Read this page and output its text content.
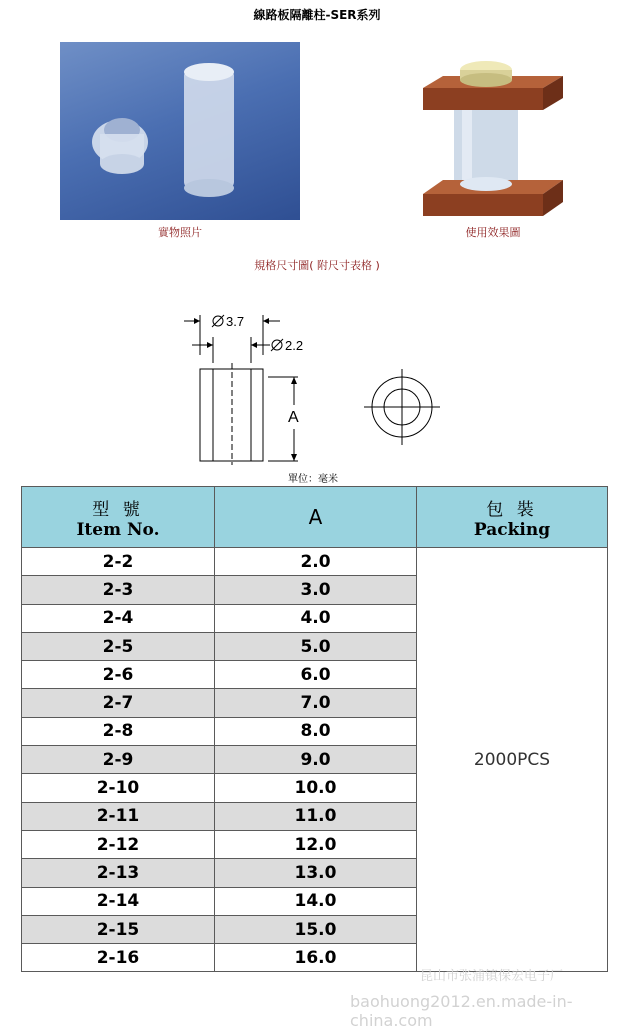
線路板隔離柱-SER系列
實物照片	使用效果圖
規格尺寸圖( 附尺寸表格 )
3.7
2.2
A
單位：毫米
型 號
Item No.	A	包 裝
Packing

2-2	2.0	2000PCS
2-3	3.0	
2-4	4.0	
2-5	5.0	
2-6	6.0	
2-7	7.0	
2-8	8.0	
2-9	9.0	
2-10	10.0	
2-11	11.0	
2-12	12.0	
2-13	13.0	
2-14	14.0	
2-15	15.0	
2-16	16.0	
昆山市张浦镇保宏电子厂
baohuong2012.en.made-in-china.com
